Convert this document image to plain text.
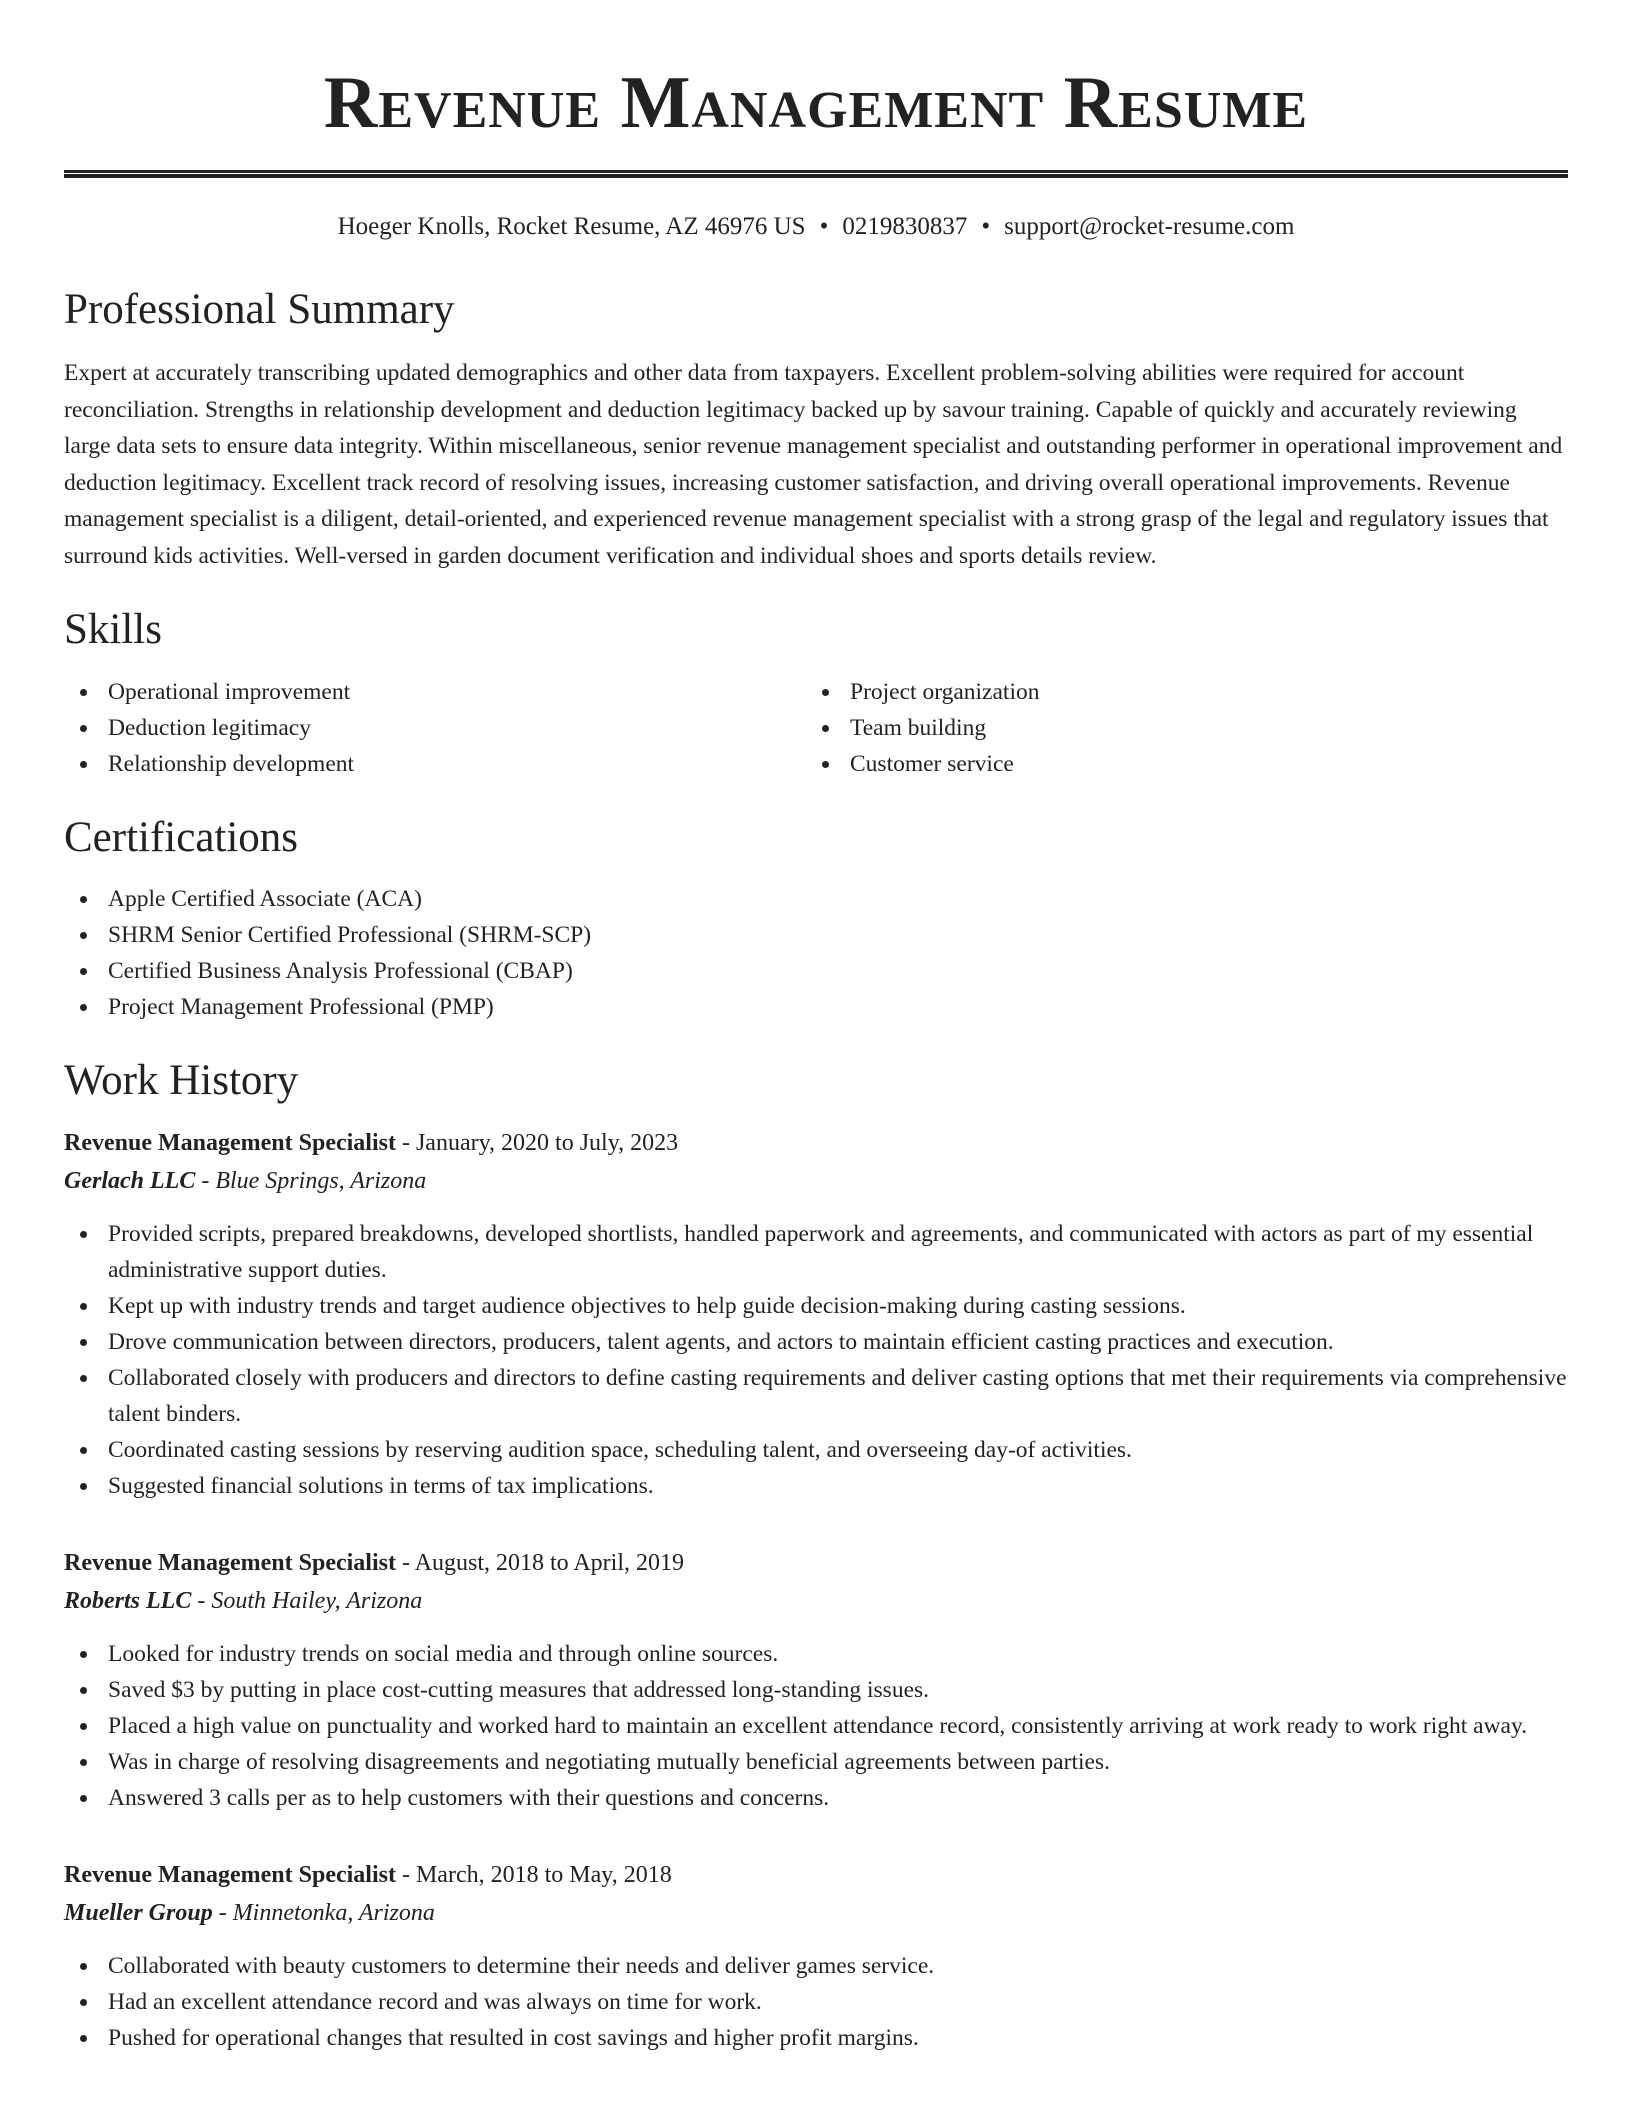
Revenue Management Resume
Hoeger Knolls, Rocket Resume, AZ 46976 US • 0219830837 • support@rocket-resume.com
Professional Summary

Expert at accurately transcribing updated demographics and other data from taxpayers. Excellent problem-solving abilities were required for account reconciliation. Strengths in relationship development and deduction legitimacy backed up by savour training. Capable of quickly and accurately reviewing large data sets to ensure data integrity. Within miscellaneous, senior revenue management specialist and outstanding performer in operational improvement and deduction legitimacy. Excellent track record of resolving issues, increasing customer satisfaction, and driving overall operational improvements. Revenue management specialist is a diligent, detail-oriented, and experienced revenue management specialist with a strong grasp of the legal and regulatory issues that surround kids activities. Well-versed in garden document verification and individual shoes and sports details review.

Skills
Operational improvement
Deduction legitimacy
Relationship development
Project organization
Team building
Customer service
Certifications
Apple Certified Associate (ACA)
SHRM Senior Certified Professional (SHRM-SCP)
Certified Business Analysis Professional (CBAP)
Project Management Professional (PMP)
Work History
Revenue Management Specialist - January, 2020 to July, 2023
Gerlach LLC - Blue Springs, Arizona
Provided scripts, prepared breakdowns, developed shortlists, handled paperwork and agreements, and communicated with actors as part of my essential administrative support duties.
Kept up with industry trends and target audience objectives to help guide decision-making during casting sessions.
Drove communication between directors, producers, talent agents, and actors to maintain efficient casting practices and execution.
Collaborated closely with producers and directors to define casting requirements and deliver casting options that met their requirements via comprehensive talent binders.
Coordinated casting sessions by reserving audition space, scheduling talent, and overseeing day-of activities.
Suggested financial solutions in terms of tax implications.
Revenue Management Specialist - August, 2018 to April, 2019
Roberts LLC - South Hailey, Arizona
Looked for industry trends on social media and through online sources.
Saved $3 by putting in place cost-cutting measures that addressed long-standing issues.
Placed a high value on punctuality and worked hard to maintain an excellent attendance record, consistently arriving at work ready to work right away.
Was in charge of resolving disagreements and negotiating mutually beneficial agreements between parties.
Answered 3 calls per as to help customers with their questions and concerns.
Revenue Management Specialist - March, 2018 to May, 2018
Mueller Group - Minnetonka, Arizona
Collaborated with beauty customers to determine their needs and deliver games service.
Had an excellent attendance record and was always on time for work.
Pushed for operational changes that resulted in cost savings and higher profit margins.
